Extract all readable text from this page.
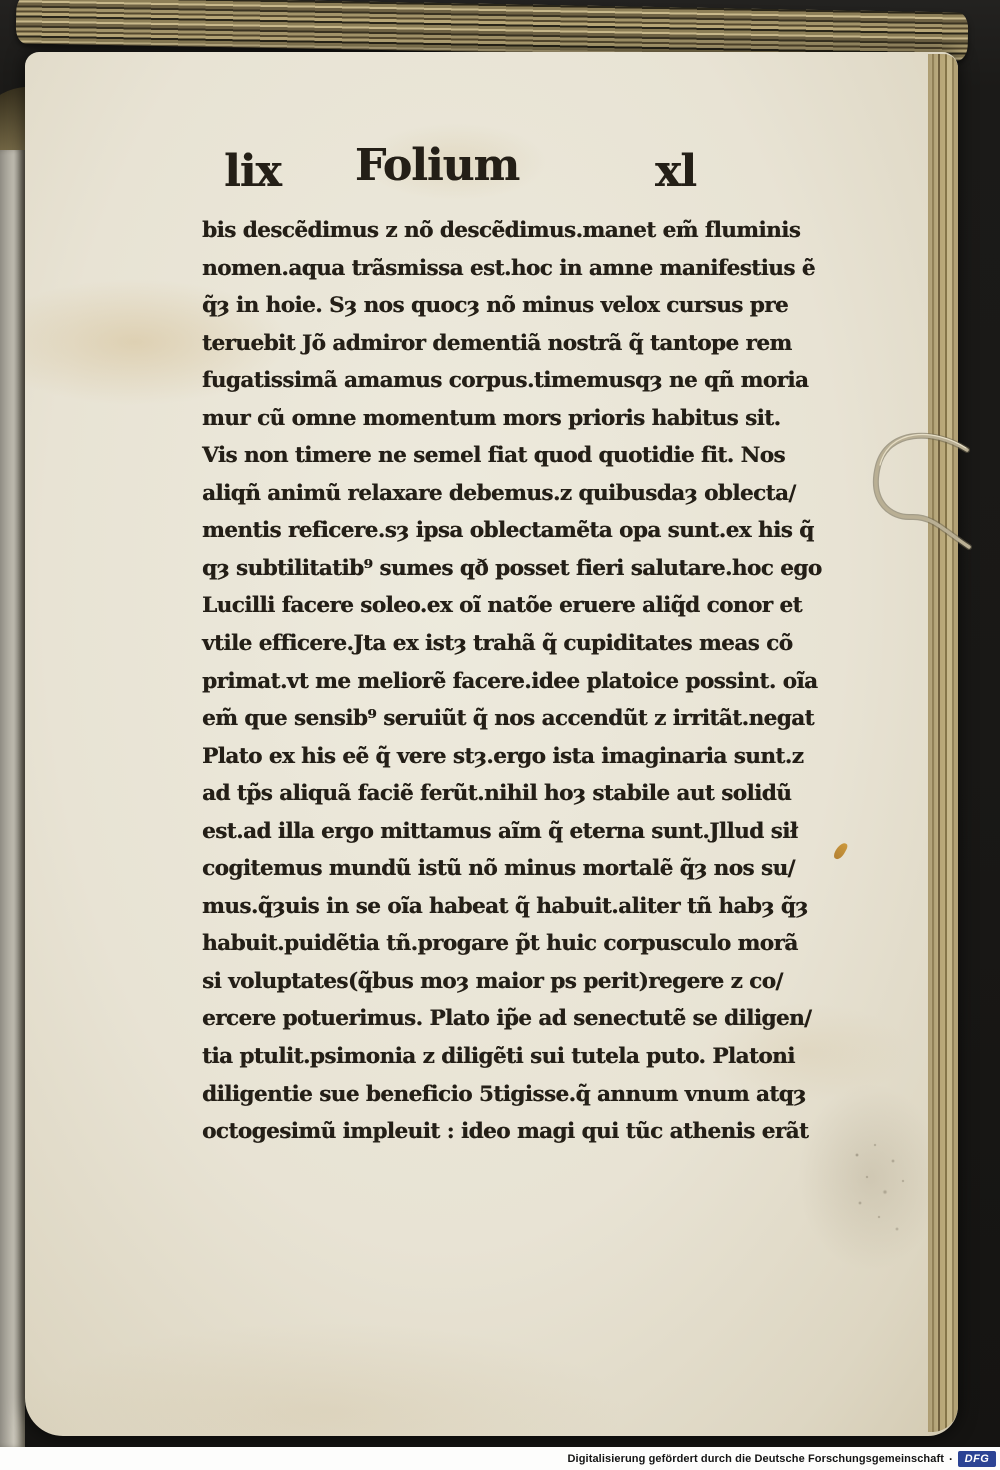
lix Folium	xl
bis descẽdimus z nõ descẽdimus.manet em̃ fluminis
nomen.aqua trãsmissa est.hoc in amne manifestius ẽ
q̃ȝ in hoie. Sȝ nos quocȝ nõ minus velox cursus pre
teruebit Jõ admiror dementiã nostrã q̃ tantope rem
fugatissimã amamus corpus.timemusqȝ ne qñ moria
mur cũ omne momentum mors prioris habitus sit.
Vis non timere ne semel fiat quod quotidie fit. Nos
aliqñ animũ relaxare debemus.z quibusdaȝ oblecta/
mentis reficere.sȝ ipsa oblectamẽta opa sunt.ex his q̃
qȝ subtilitatib⁹ sumes qð posset fieri salutare.hoc ego
Lucilli facere soleo.ex oĩ natõe eruere aliq̃d conor et
vtile efficere.Jta ex istȝ trahã q̃ cupiditates meas cõ
primat.vt me meliorẽ facere.idee platoice possint. oĩa
em̃ que sensib⁹ seruiũt q̃ nos accendũt z irritãt.negat
Plato ex his eẽ q̃ vere stȝ.ergo ista imaginaria sunt.z
ad tp̃s aliquã faciẽ ferũt.nihil hoȝ stabile aut solidũ
est.ad illa ergo mittamus aĩm q̃ eterna sunt.Jllud sił
cogitemus mundũ istũ nõ minus mortalẽ q̃ȝ nos su/
mus.q̃ȝuis in se oĩa habeat q̃ habuit.aliter tñ habȝ q̃ȝ
habuit.puidẽtia tñ.progare p̃t huic corpusculo morã
si voluptates(q̃bus moȝ maior ps perit)regere z co/
ercere potuerimus. Plato ip̃e ad senectutẽ se diligen/
tia ptulit.psimonia z diligẽti sui tutela puto. Platoni
diligentie sue beneficio 5tigisse.q̃ annum vnum atqȝ
octogesimũ impleuit : ideo magi qui tũc athenis erãt
Digitalisierung gefördert durch die Deutsche Forschungsgemeinschaft ·	DFG
